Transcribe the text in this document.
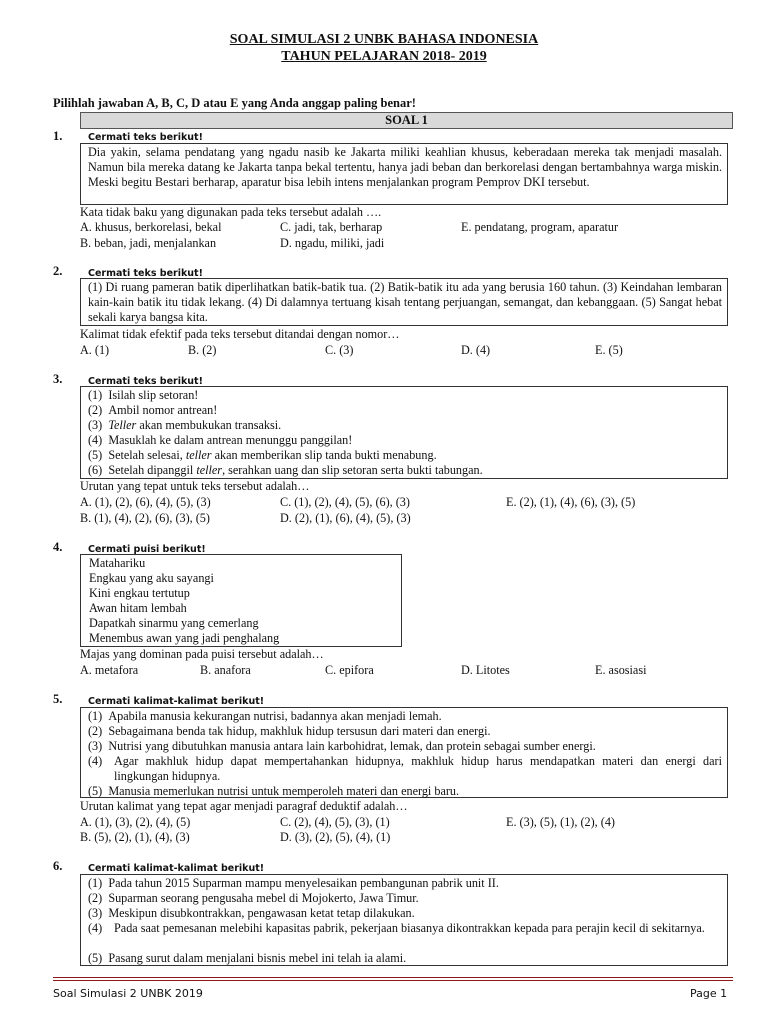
SOAL SIMULASI 2 UNBK BAHASA INDONESIA
TAHUN PELAJARAN 2018- 2019
Pilihlah jawaban A, B, C, D atau E yang Anda anggap paling benar!
SOAL 1
1.	Cermati teks berikut!
Dia yakin, selama pendatang yang ngadu nasib ke Jakarta miliki keahlian khusus, keberadaan mereka tak menjadi masalah. Namun bila mereka datang ke Jakarta tanpa bekal tertentu, hanya jadi beban dan berkorelasi dengan bertambahnya warga miskin. Meski begitu Bestari berharap, aparatur bisa lebih intens menjalankan program Pemprov DKI tersebut.
Kata tidak baku yang digunakan pada teks tersebut adalah ….
A. khusus, berkorelasi, bekal	C. jadi, tak, berharap	E. pendatang, program, aparatur
B. beban, jadi, menjalankan	D. ngadu, miliki, jadi
2.	Cermati teks berikut!
(1) Di ruang pameran batik diperlihatkan batik-batik tua. (2) Batik-batik itu ada yang berusia 160 tahun. (3) Keindahan lembaran kain-kain batik itu tidak lekang. (4) Di dalamnya tertuang kisah tentang perjuangan, semangat, dan kebanggaan. (5) Sangat hebat sekali karya bangsa kita.
Kalimat tidak efektif pada teks tersebut ditandai dengan nomor…
A. (1)	B. (2)	C. (3)	D. (4)	E. (5)
3.	Cermati teks berikut!
(1) Isilah slip setoran!
(2) Ambil nomor antrean!
(3) Teller akan membukukan transaksi.
(4) Masuklah ke dalam antrean menunggu panggilan!
(5) Setelah selesai, teller akan memberikan slip tanda bukti menabung.
(6) Setelah dipanggil teller, serahkan uang dan slip setoran serta bukti tabungan.
Urutan yang tepat untuk teks tersebut adalah…
A. (1), (2), (6), (4), (5), (3)	C. (1), (2), (4), (5), (6), (3)	E. (2), (1), (4), (6), (3), (5)
B. (1), (4), (2), (6), (3), (5)	D. (2), (1), (6), (4), (5), (3)
4.	Cermati puisi berikut!
Matahariku
Engkau yang aku sayangi
Kini engkau tertutup
Awan hitam lembah
Dapatkah sinarmu yang cemerlang
Menembus awan yang jadi penghalang
Majas yang dominan pada puisi tersebut adalah…
A. metafora	B. anafora	C. epifora	D. Litotes	E. asosiasi
5.	Cermati kalimat-kalimat berikut!
(1) Apabila manusia kekurangan nutrisi, badannya akan menjadi lemah.
(2) Sebagaimana benda tak hidup, makhluk hidup tersusun dari materi dan energi.
(3) Nutrisi yang dibutuhkan manusia antara lain karbohidrat, lemak, dan protein sebagai sumber energi.
(4) Agar makhluk hidup dapat mempertahankan hidupnya, makhluk hidup harus mendapatkan materi dan energi dari lingkungan hidupnya.
(5) Manusia memerlukan nutrisi untuk memperoleh materi dan energi baru.
Urutan kalimat yang tepat agar menjadi paragraf deduktif adalah…
A. (1), (3), (2), (4), (5)	C. (2), (4), (5), (3), (1)	E. (3), (5), (1), (2), (4)
B. (5), (2), (1), (4), (3)	D. (3), (2), (5), (4), (1)
6.	Cermati kalimat-kalimat berikut!
(1) Pada tahun 2015 Suparman mampu menyelesaikan pembangunan pabrik unit II.
(2) Suparman seorang pengusaha mebel di Mojokerto, Jawa Timur.
(3) Meskipun disubkontrakkan, pengawasan ketat tetap dilakukan.
(4) Pada saat pemesanan melebihi kapasitas pabrik, pekerjaan biasanya dikontrakkan kepada para perajin kecil di sekitarnya.
(5) Pasang surut dalam menjalani bisnis mebel ini telah ia alami.
Soal Simulasi 2 UNBK 2019	Page 1
